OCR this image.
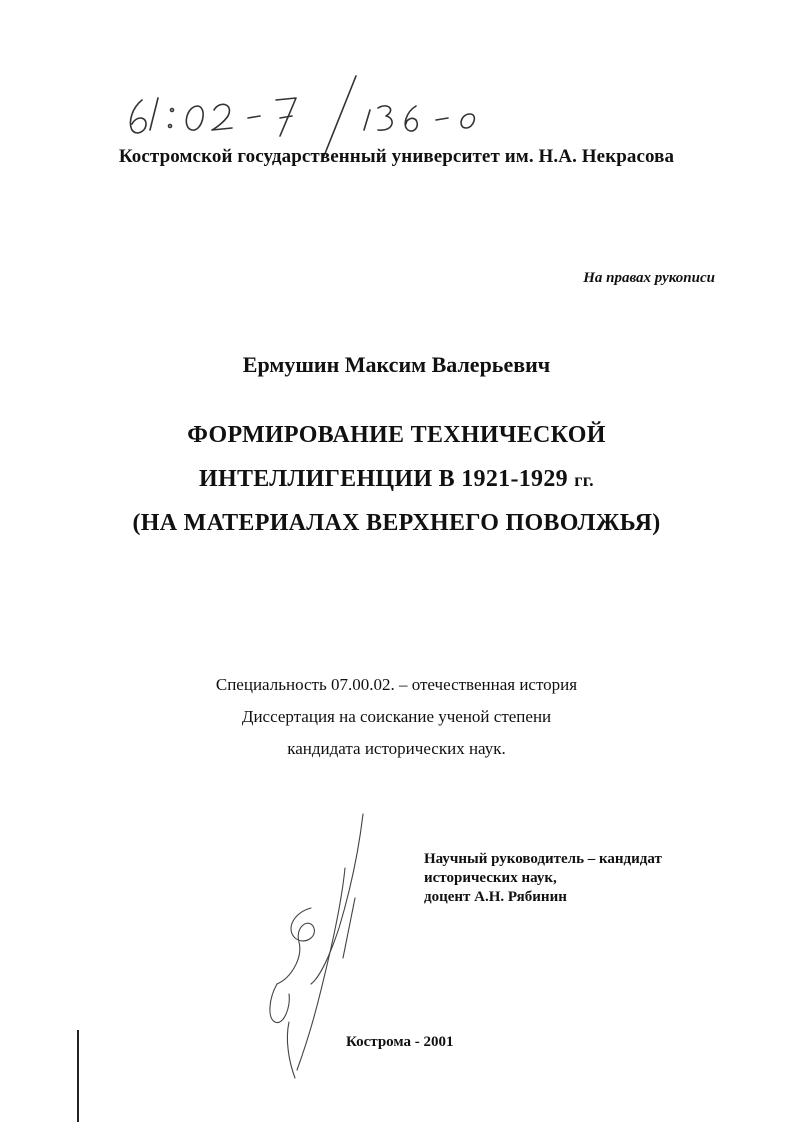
Костромской государственный университет им. Н.А. Некрасова
На правах рукописи
Ермушин Максим Валерьевич
ФОРМИРОВАНИЕ ТЕХНИЧЕСКОЙ
ИНТЕЛЛИГЕНЦИИ В 1921-1929 гг.
(НА МАТЕРИАЛАХ ВЕРХНЕГО ПОВОЛЖЬЯ)
Специальность 07.00.02. – отечественная история
Диссертация на соискание ученой степени
кандидата исторических наук.
Научный руководитель – кандидат
исторических наук,
доцент А.Н. Рябинин
Кострома - 2001
